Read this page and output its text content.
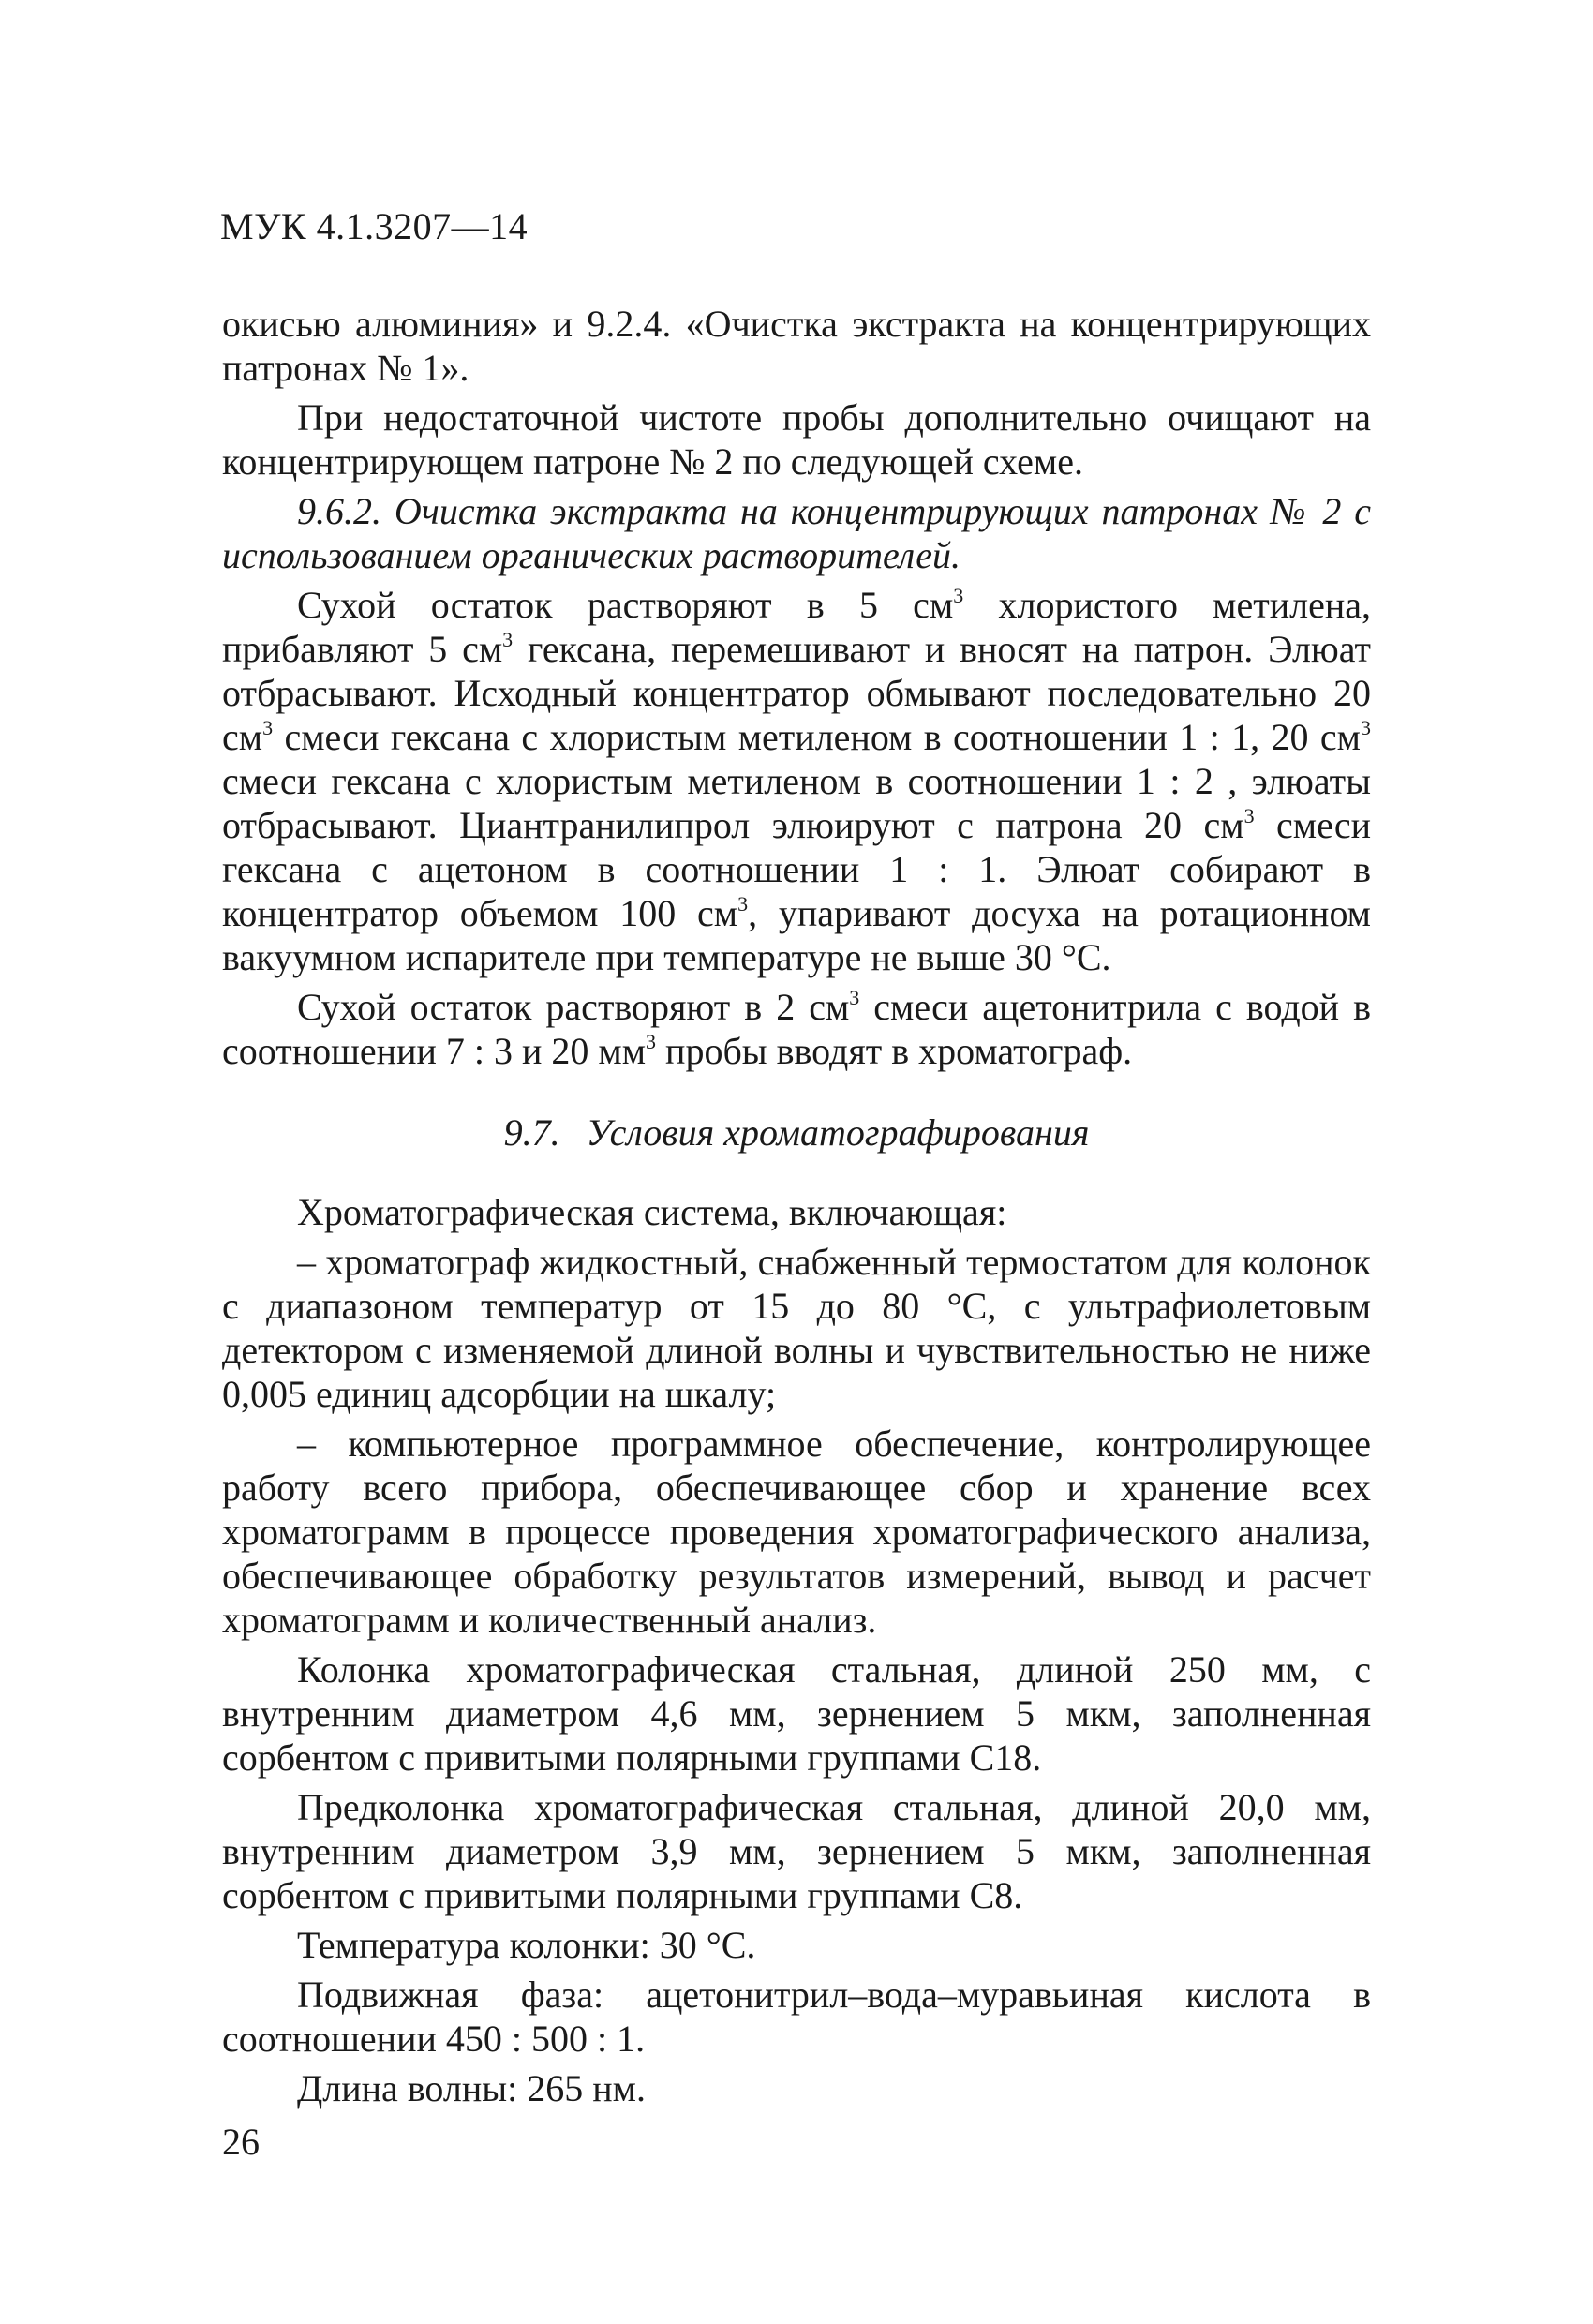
МУК 4.1.3207—14

окисью алюминия» и 9.2.4. «Очистка экстракта на концентрирующих патронах № 1».

При недостаточной чистоте пробы дополнительно очищают на концентрирующем патроне № 2 по следующей схеме.

9.6.2. Очистка экстракта на концентрирующих патронах № 2 с использованием органических растворителей.

Сухой остаток растворяют в 5 $см^3$ хлористого метилена, прибавляют 5 $см^3$ гексана, перемешивают и вносят на патрон. Элюат отбрасывают. Исходный концентратор обмывают последовательно 20 $см^3$ смеси гексана с хлористым метиленом в соотношении 1 : 1, 20 $см^3$ смеси гексана с хлористым метиленом в соотношении 1 : 2 , элюаты отбрасывают. Циантранилипрол элюируют с патрона 20 $см^3$ смеси гексана с ацетоном в соотношении 1 : 1. Элюат собирают в концентратор объемом 100 $см^3$, упаривают досуха на ротационном вакуумном испарителе при температуре не выше 30 °С.

Сухой остаток растворяют в 2 $см^3$ смеси ацетонитрила с водой в соотношении 7 : 3 и 20 $мм^3$ пробы вводят в хроматограф.

9.7. Условия хроматографирования

Хроматографическая система, включающая:

– хроматограф жидкостный, снабженный термостатом для колонок с диапазоном температур от 15 до 80 °С, с ультрафиолетовым детектором с изменяемой длиной волны и чувствительностью не ниже 0,005 единиц адсорбции на шкалу;

– компьютерное программное обеспечение, контролирующее работу всего прибора, обеспечивающее сбор и хранение всех хроматограмм в процессе проведения хроматографического анализа, обеспечивающее обработку результатов измерений, вывод и расчет хроматограмм и количественный анализ.

Колонка хроматографическая стальная, длиной 250 мм, с внутренним диаметром 4,6 мм, зернением 5 мкм, заполненная сорбентом с привитыми полярными группами С18.

Предколонка хроматографическая стальная, длиной 20,0 мм, внутренним диаметром 3,9 мм, зернением 5 мкм, заполненная сорбентом с привитыми полярными группами С8.

Температура колонки: 30 °С.

Подвижная фаза: ацетонитрил–вода–муравьиная кислота в соотношении 450 : 500 : 1.

Длина волны: 265 нм.

26
